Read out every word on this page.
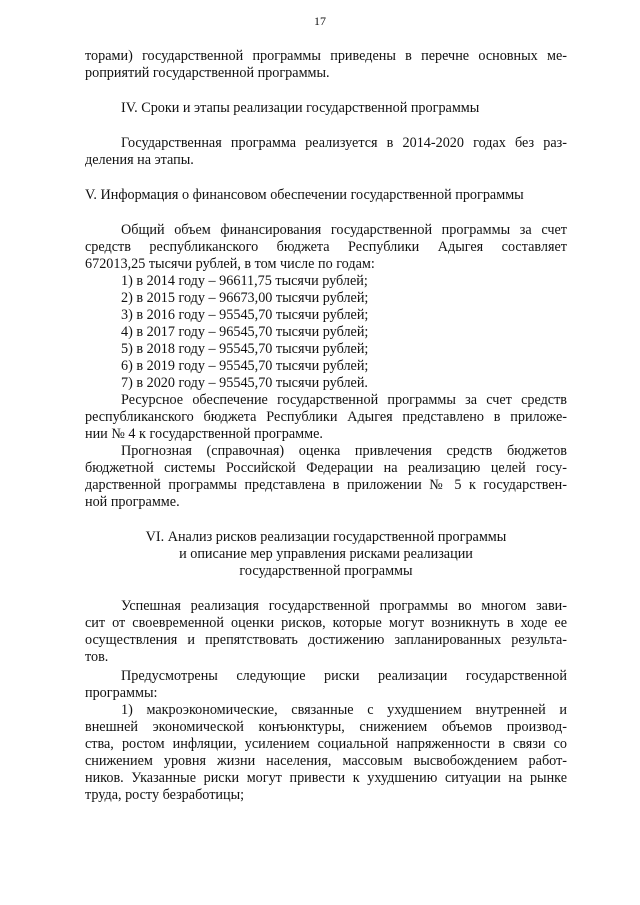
17
торами) государственной программы приведены в перечне основных ме-
роприятий государственной программы.
IV. Сроки и этапы реализации государственной программы
Государственная программа реализуется в 2014-2020 годах без раз-
деления на этапы.
V. Информация о финансовом обеспечении государственной программы
Общий объем финансирования государственной программы за счет
средств республиканского бюджета Республики Адыгея составляет
672013,25 тысячи рублей, в том числе по годам:
1) в 2014 году – 96611,75 тысячи рублей;
2) в 2015 году – 96673,00 тысячи рублей;
3) в 2016 году – 95545,70 тысячи рублей;
4) в 2017 году – 96545,70 тысячи рублей;
5) в 2018 году – 95545,70 тысячи рублей;
6) в 2019 году – 95545,70 тысячи рублей;
7) в 2020 году – 95545,70 тысячи рублей.
Ресурсное обеспечение государственной программы за счет средств
республиканского бюджета Республики Адыгея представлено в приложе-
нии № 4 к государственной программе.
Прогнозная (справочная) оценка привлечения средств бюджетов
бюджетной системы Российской Федерации на реализацию целей госу-
дарственной программы представлена в приложении № 5 к государствен-
ной программе.
VI. Анализ рисков реализации государственной программы
и описание мер управления рисками реализации
государственной программы
Успешная реализация государственной программы во многом зави-
сит от своевременной оценки рисков, которые могут возникнуть в ходе ее
осуществления и препятствовать достижению запланированных результа-
тов.
Предусмотрены следующие риски реализации государственной
программы:
1) макроэкономические, связанные с ухудшением внутренней и
внешней экономической конъюнктуры, снижением объемов производ-
ства, ростом инфляции, усилением социальной напряженности в связи со
снижением уровня жизни населения, массовым высвобождением работ-
ников. Указанные риски могут привести к ухудшению ситуации на рынке
труда, росту безработицы;
